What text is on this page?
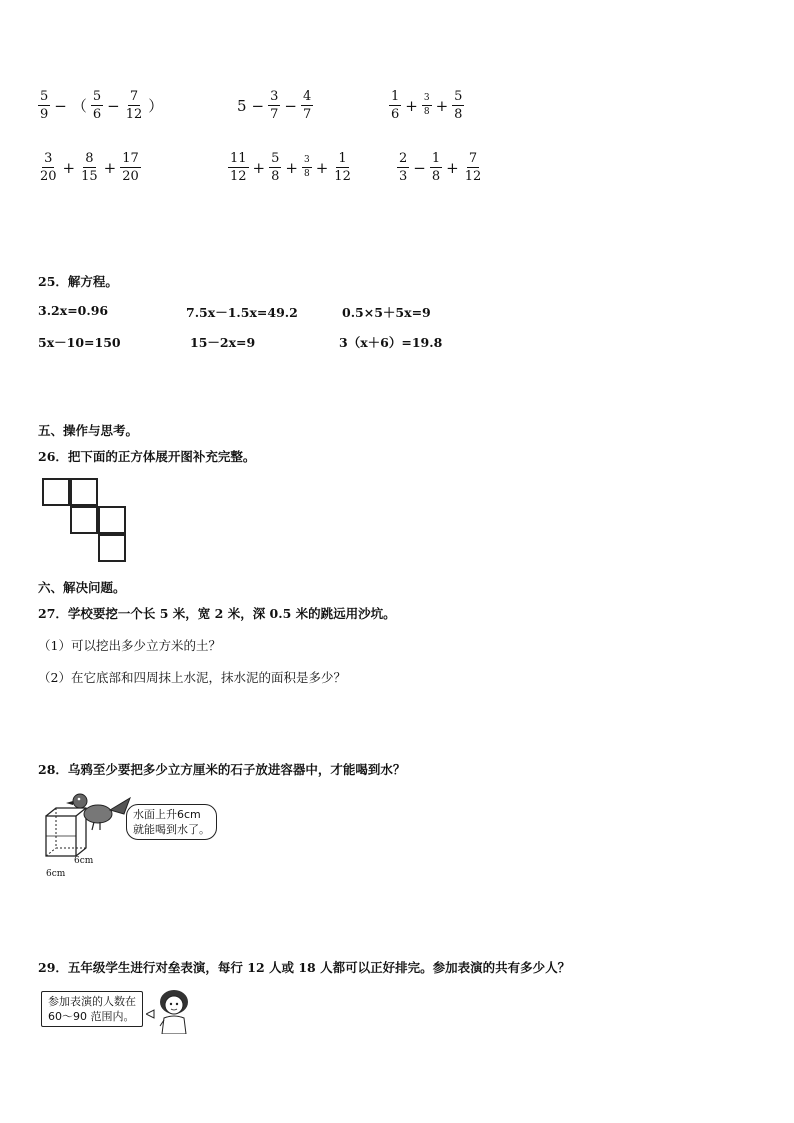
$\frac{5}{9}$ − （ $\frac{5}{6} - \frac{7}{12}$ ）	$5 - \frac{3}{7} - \frac{4}{7}$	$\frac{1}{6} + \frac{3}{8} + \frac{5}{8}$
$\frac{3}{20} + \frac{8}{15} + \frac{17}{20}$	$\frac{11}{12} + \frac{5}{8} + \frac{3}{8} + \frac{1}{12}$	$\frac{2}{3} - \frac{1}{8} + \frac{7}{12}$
25．解方程。
3.2x=0.96	7.5x－1.5x=49.2	0.5×5＋5x=9
5x－10=150	15－2x=9	3（x＋6）=19.8
五、操作与思考。
26．把下面的正方体展开图补充完整。
六、解决问题。
27．学校要挖一个长 5 米，宽 2 米，深 0.5 米的跳远用沙坑。
（1）可以挖出多少立方米的土？
（2）在它底部和四周抹上水泥，抹水泥的面积是多少？
28．乌鸦至少要把多少立方厘米的石子放进容器中，才能喝到水？
6cm
6cm
水面上升6cm
就能喝到水了。
29．五年级学生进行对垒表演，每行 12 人或 18 人都可以正好排完。参加表演的共有多少人？
参加表演的人数在
60～90 范围内。
